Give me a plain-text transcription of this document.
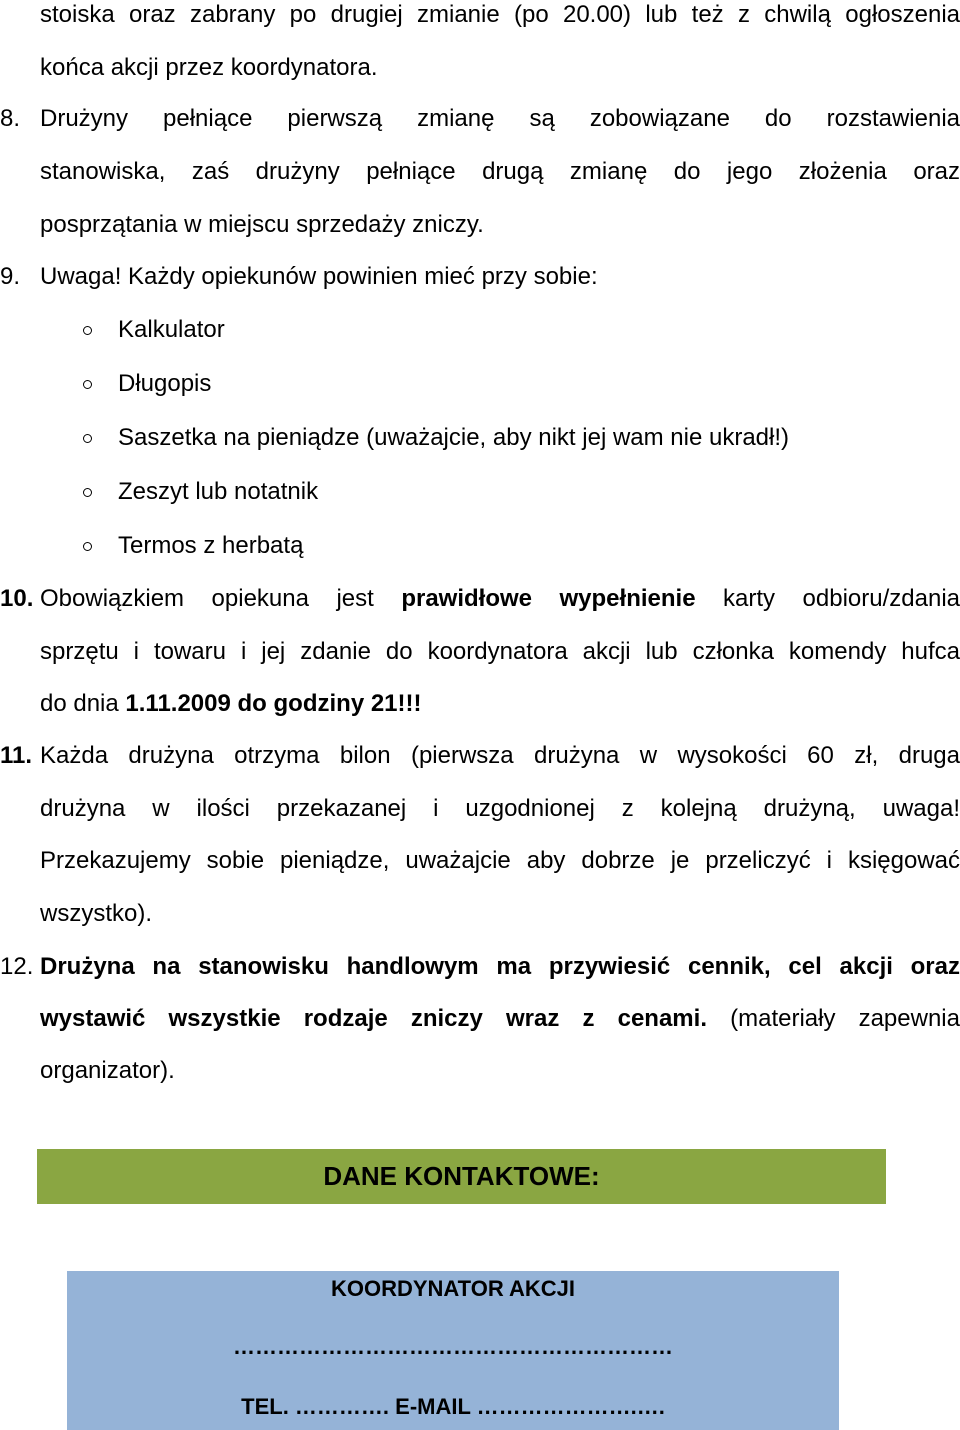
stoiska oraz zabrany po drugiej zmianie (po 20.00) lub też z chwilą ogłoszenia
końca akcji przez koordynatora.
8. Drużyny pełniące pierwszą zmianę są zobowiązane do rozstawienia
stanowiska, zaś drużyny pełniące drugą zmianę do jego złożenia oraz
posprzątania w miejscu sprzedaży zniczy.
9. Uwaga! Każdy opiekunów powinien mieć przy sobie:
Kalkulator
Długopis
Saszetka na pieniądze (uważajcie, aby nikt jej wam nie ukradł!)
Zeszyt lub notatnik
Termos z herbatą
10. Obowiązkiem opiekuna jest prawidłowe wypełnienie karty odbioru/zdania
sprzętu i towaru i jej zdanie do koordynatora akcji lub członka komendy hufca
do dnia 1.11.2009 do godziny 21!!!
11. Każda drużyna otrzyma bilon (pierwsza drużyna w wysokości 60 zł, druga
drużyna w ilości przekazanej i uzgodnionej z kolejną drużyną, uwaga!
Przekazujemy sobie pieniądze, uważajcie aby dobrze je przeliczyć i księgować
wszystko).
12. Drużyna na stanowisku handlowym ma przywiesić cennik, cel akcji oraz
wystawić wszystkie rodzaje zniczy wraz z cenami. (materiały zapewnia
organizator).
DANE KONTAKTOWE:
KOORDYNATOR AKCJI
……………………………………………………
TEL. …………. E-MAIL ………………….….
